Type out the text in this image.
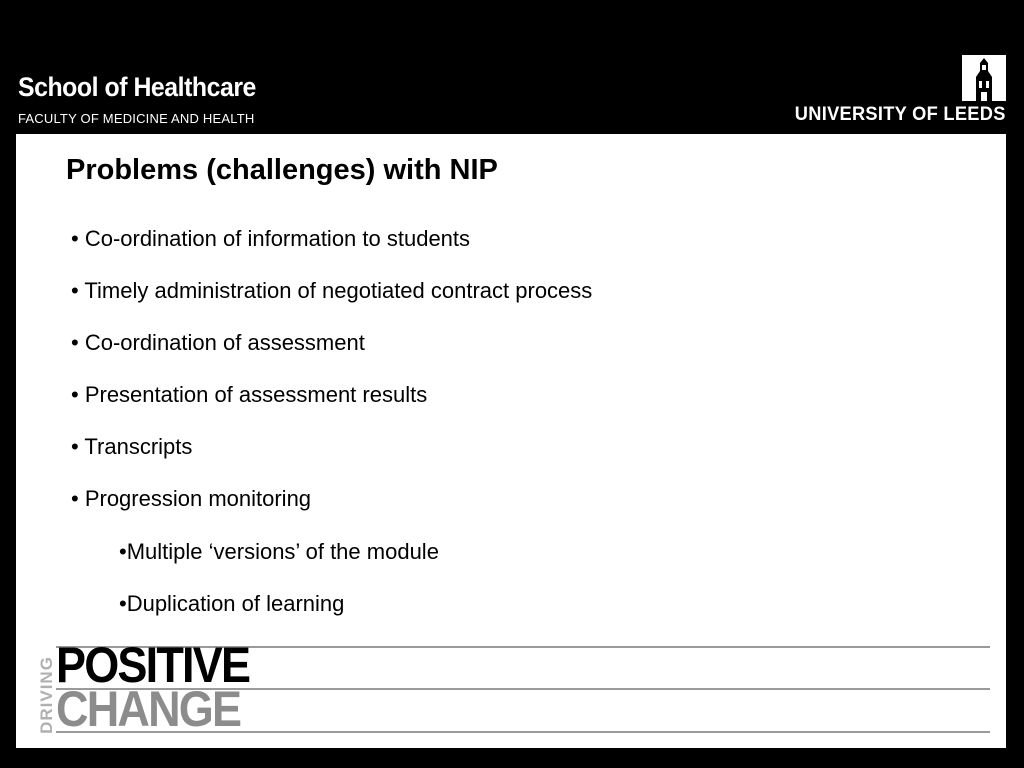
School of Healthcare
FACULTY OF MEDICINE AND HEALTH	UNIVERSITY OF LEEDS
Problems (challenges) with NIP
• Co-ordination of information to students
• Timely administration of negotiated contract process
• Co-ordination of assessment
• Presentation of assessment results
• Transcripts
• Progression monitoring
•Multiple ‘versions’ of the module
•Duplication of learning
DRIVING POSITIVE
CHANGE
